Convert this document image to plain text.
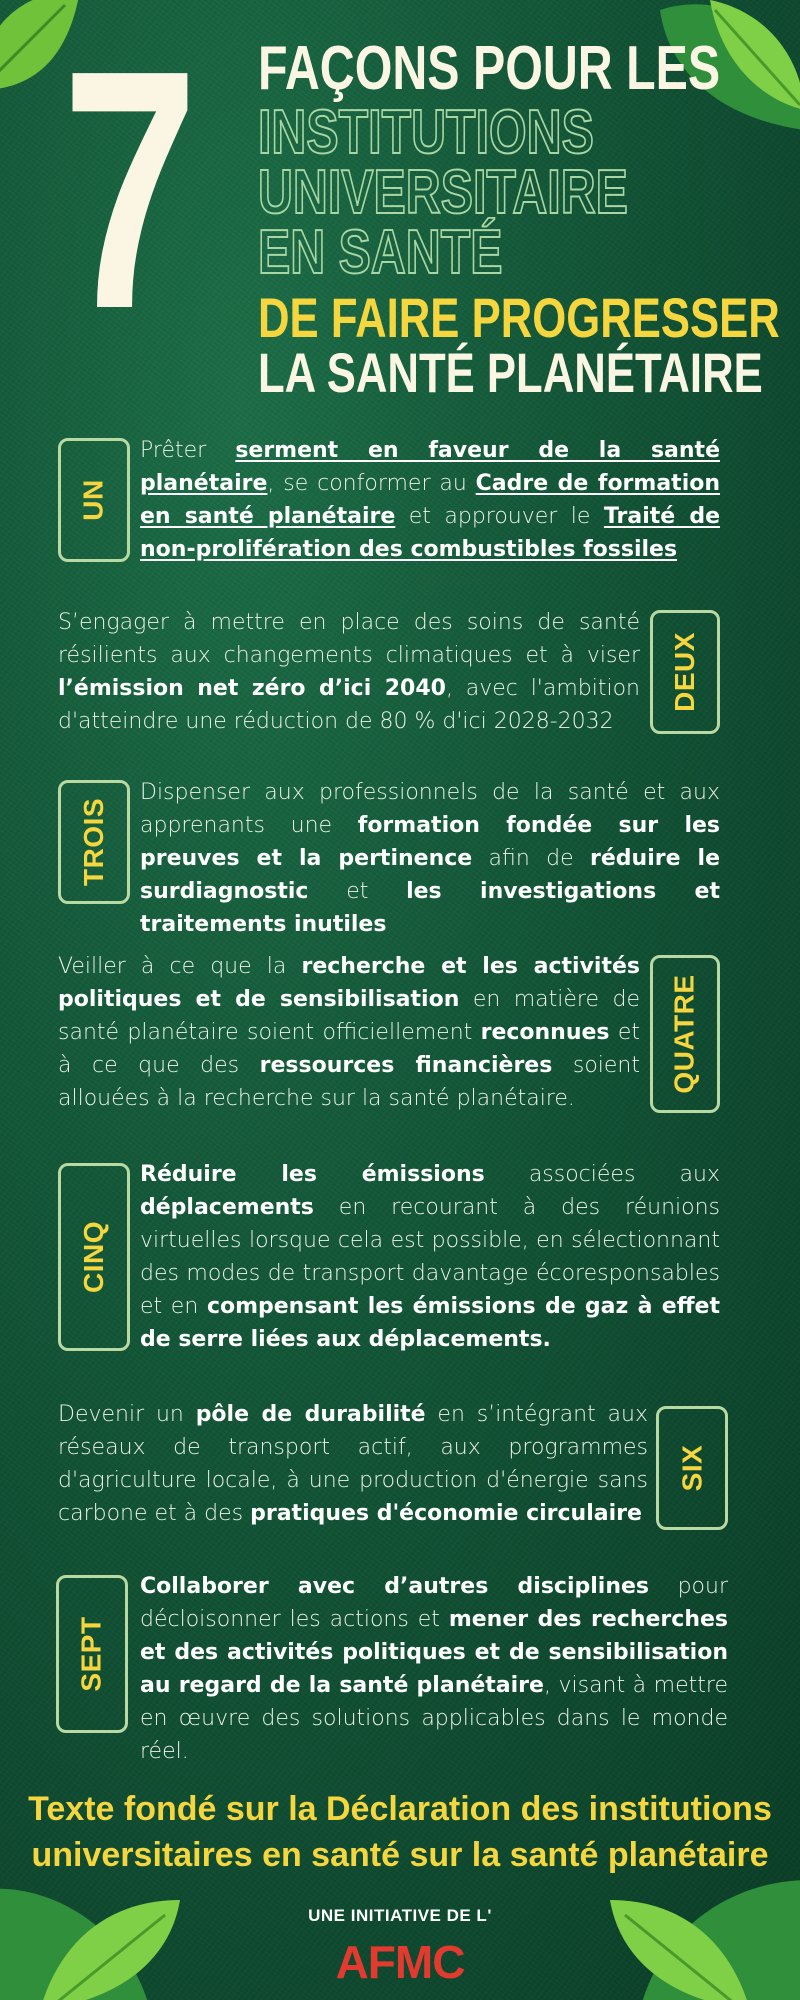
7 FAÇONS POUR LES
INSTITUTIONS
UNIVERSITAIRE
EN SANTÉ
DE FAIRE PROGRESSER
LA SANTÉ PLANÉTAIRE
UN
Prêter serment en faveur de la santé planétaire, se conformer au Cadre de formation en santé planétaire et approuver le Traité de non-prolifération des combustibles fossiles
DEUX
S’engager à mettre en place des soins de santé résilients aux changements climatiques et à viser l’émission net zéro d’ici 2040, avec l'ambition d'atteindre une réduction de 80 % d'ici 2028-2032
TROIS
Dispenser aux professionnels de la santé et aux apprenants une formation fondée sur les preuves et la pertinence afin de réduire le surdiagnostic et les investigations et traitements inutiles
QUATRE
Veiller à ce que la recherche et les activités politiques et de sensibilisation en matière de santé planétaire soient officiellement reconnues et à ce que des ressources financières soient allouées à la recherche sur la santé planétaire.
CINQ
Réduire les émissions associées aux déplacements en recourant à des réunions virtuelles lorsque cela est possible, en sélectionnant des modes de transport davantage écoresponsables et en compensant les émissions de gaz à effet de serre liées aux déplacements.
SIX
Devenir un pôle de durabilité en s’intégrant aux réseaux de transport actif, aux programmes d'agriculture locale, à une production d'énergie sans carbone et à des pratiques d'économie circulaire
SEPT
Collaborer avec d’autres disciplines pour décloisonner les actions et mener des recherches et des activités politiques et de sensibilisation au regard de la santé planétaire, visant à mettre en œuvre des solutions applicables dans le monde réel.
Texte fondé sur la Déclaration des institutions
universitaires en santé sur la santé planétaire
UNE INITIATIVE DE L'
AFMC
